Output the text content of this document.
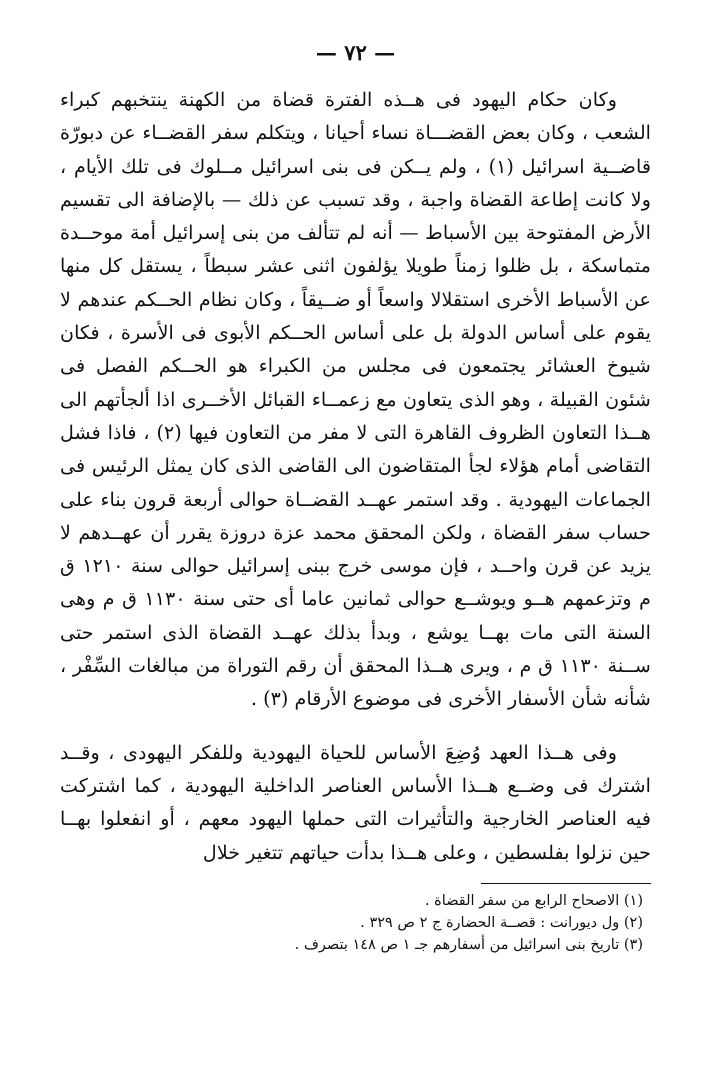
— ٧٢ —

وكان حكام اليهود فى هــذه الفترة قضاة من الكهنة ينتخبهم كبراء الشعب ، وكان بعض القضـــاة نساء أحيانا ، ويتكلم سفر القضــاء عن دبورّة قاضــية اسرائيل (١) ، ولم يــكن فى بنى اسرائيل مــلوك فى تلك الأيام ، ولا كانت إطاعة القضاة واجبة ، وقد تسبب عن ذلك — بالإضافة الى تقسيم الأرض المفتوحة بين الأسباط — أنه لم تتألف من بنى إسرائيل أمة موحــدة متماسكة ، بل ظلوا زمناً طويلا يؤلفون اثنى عشر سبطاً ، يستقل كل منها عن الأسباط الأخرى استقلالا واسعاً أو ضــيقاً ، وكان نظام الحــكم عندهم لا يقوم على أساس الدولة بل على أساس الحــكم الأبوى فى الأسرة ، فكان شيوخ العشائر يجتمعون فى مجلس من الكبراء هو الحــكم الفصل فى شئون القبيلة ، وهو الذى يتعاون مع زعمــاء القبائل الأخــرى اذا ألجأتهم الى هــذا التعاون الظروف القاهرة التى لا مفر من التعاون فيها (٢) ، فاذا فشل التقاضى أمام هؤلاء لجأ المتقاضون الى القاضى الذى كان يمثل الرئيس فى الجماعات اليهودية . وقد استمر عهــد القضــاة حوالى أربعة قرون بناء على حساب سفر القضاة ، ولكن المحقق محمد عزة دروزة يقرر أن عهــدهم لا يزيد عن قرن واحــد ، فإن موسى خرج ببنى إسرائيل حوالى سنة ١٢١٠ ق م وتزعمهم هــو ويوشــع حوالى ثمانين عاما أى حتى سنة ١١٣٠ ق م وهى السنة التى مات بهــا يوشع ، وبدأ بذلك عهــد القضاة الذى استمر حتى ســنة ١١٣٠ ق م ، ويرى هــذا المحقق أن رقم التوراة من مبالغات السِّفْر ، شأنه شأن الأسفار الأخرى فى موضوع الأرقام (٣) .

وفى هــذا العهد وُضِعَ الأساس للحياة اليهودية وللفكر اليهودى ، وقــد اشترك فى وضــع هــذا الأساس العناصر الداخلية اليهودية ، كما اشتركت فيه العناصر الخارجية والتأثيرات التى حملها اليهود معهم ، أو انفعلوا بهــا حين نزلوا بفلسطين ، وعلى هــذا بدأت حياتهم تتغير خلال

(١) الاصحاح الرابع من سفر القضاة .
(٢) ول ديورانت : قصــة الحضارة ج ٢ ص ٣٢٩ .
(٣) تاريخ بنى اسرائيل من أسفارهم جـ ١ ص ١٤٨ بتصرف .
